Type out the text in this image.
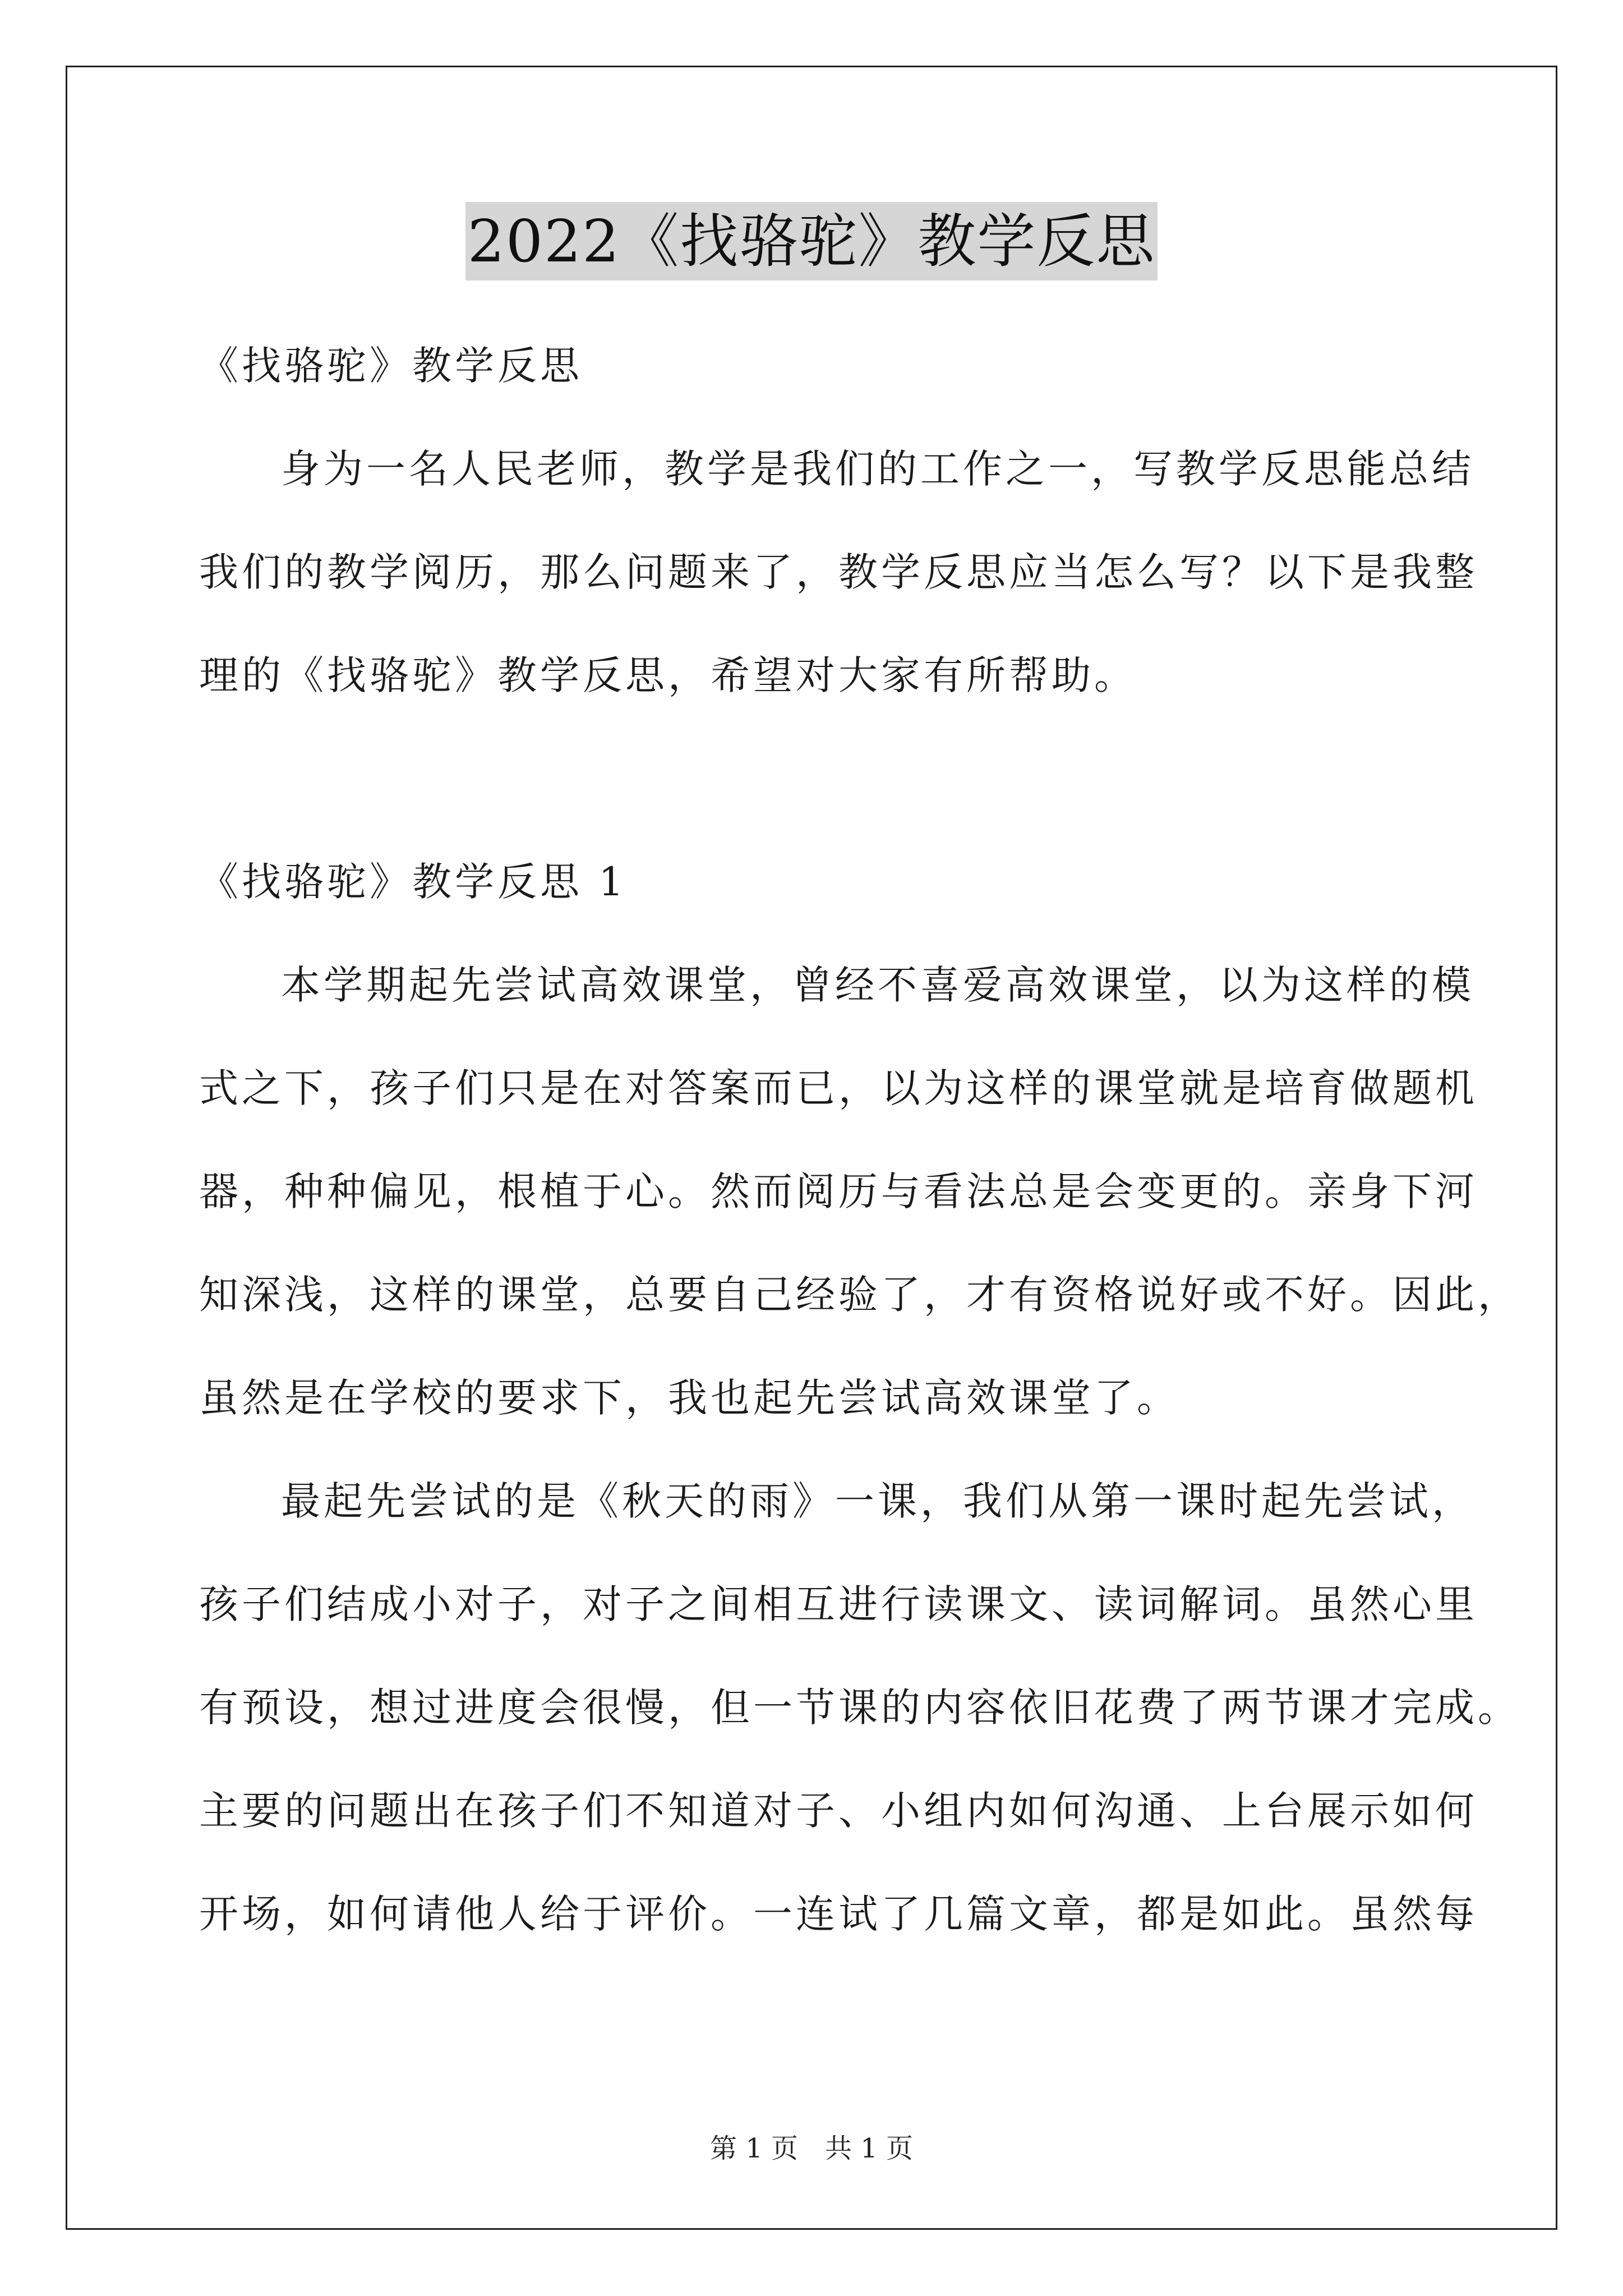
2022《找骆驼》教学反思
《找骆驼》教学反思
身为一名人民老师，教学是我们的工作之一，写教学反思能总结
我们的教学阅历，那么问题来了，教学反思应当怎么写？以下是我整
理的《找骆驼》教学反思，希望对大家有所帮助。
《找骆驼》教学反思 1
本学期起先尝试高效课堂，曾经不喜爱高效课堂，以为这样的模
式之下，孩子们只是在对答案而已，以为这样的课堂就是培育做题机
器，种种偏见，根植于心。然而阅历与看法总是会变更的。亲身下河
知深浅，这样的课堂，总要自己经验了，才有资格说好或不好。因此，
虽然是在学校的要求下，我也起先尝试高效课堂了。
最起先尝试的是《秋天的雨》一课，我们从第一课时起先尝试，
孩子们结成小对子，对子之间相互进行读课文、读词解词。虽然心里
有预设，想过进度会很慢，但一节课的内容依旧花费了两节课才完成。
主要的问题出在孩子们不知道对子、小组内如何沟通、上台展示如何
开场，如何请他人给于评价。一连试了几篇文章，都是如此。虽然每
第 1 页 共 1 页
